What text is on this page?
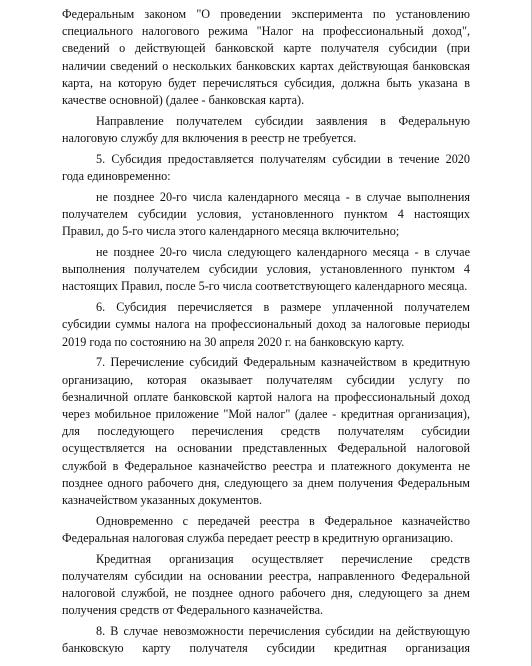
Федеральным законом "О проведении эксперимента по установлению специального налогового режима "Налог на профессиональный доход", сведений о действующей банковской карте получателя субсидии (при наличии сведений о нескольких банковских картах действующая банковская карта, на которую будет перечисляться субсидия, должна быть указана в качестве основной) (далее - банковская карта).

Направление получателем субсидии заявления в Федеральную налоговую службу для включения в реестр не требуется.

5. Субсидия предоставляется получателям субсидии в течение 2020 года единовременно:

не позднее 20-го числа календарного месяца - в случае выполнения получателем субсидии условия, установленного пунктом 4 настоящих Правил, до 5-го числа этого календарного месяца включительно;

не позднее 20-го числа следующего календарного месяца - в случае выполнения получателем субсидии условия, установленного пунктом 4 настоящих Правил, после 5-го числа соответствующего календарного месяца.

6. Субсидия перечисляется в размере уплаченной получателем субсидии суммы налога на профессиональный доход за налоговые периоды 2019 года по состоянию на 30 апреля 2020 г. на банковскую карту.

7. Перечисление субсидий Федеральным казначейством в кредитную организацию, которая оказывает получателям субсидии услугу по безналичной оплате банковской картой налога на профессиональный доход через мобильное приложение "Мой налог" (далее - кредитная организация), для последующего перечисления средств получателям субсидии осуществляется на основании представленных Федеральной налоговой службой в Федеральное казначейство реестра и платежного документа не позднее одного рабочего дня, следующего за днем получения Федеральным казначейством указанных документов.

Одновременно с передачей реестра в Федеральное казначейство Федеральная налоговая служба передает реестр в кредитную организацию.

Кредитная организация осуществляет перечисление средств получателям субсидии на основании реестра, направленного Федеральной налоговой службой, не позднее одного рабочего дня, следующего за днем получения средств от Федерального казначейства.

8. В случае невозможности перечисления субсидии на действующую банковскую карту получателя субсидии кредитная организация
